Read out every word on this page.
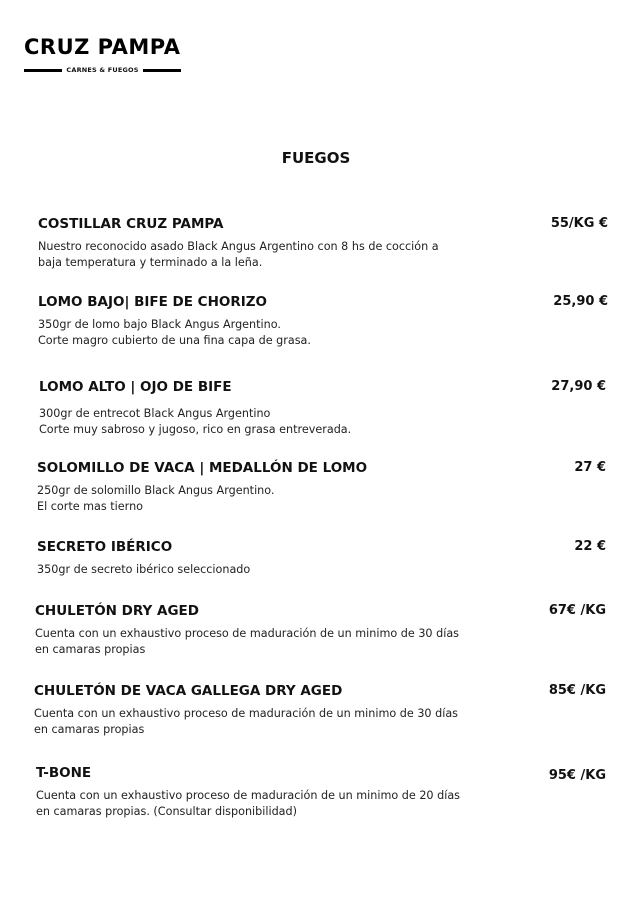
CRUZ PAMPA
CARNES & FUEGOS
FUEGOS
COSTILLAR CRUZ PAMPA	55/KG €
Nuestro reconocido asado Black Angus Argentino con 8 hs de cocción a
baja temperatura y terminado a la leña.
LOMO BAJO| BIFE DE CHORIZO	25,90 €
350gr de lomo bajo Black Angus Argentino.
Corte magro cubierto de una fina capa de grasa.
LOMO ALTO | OJO DE BIFE	27,90 €
300gr de entrecot Black Angus Argentino
Corte muy sabroso y jugoso, rico en grasa entreverada.
SOLOMILLO DE VACA | MEDALLÓN DE LOMO	27 €
250gr de solomillo Black Angus Argentino.
El corte mas tierno
SECRETO IBÉRICO	22 €
350gr de secreto ibérico seleccionado
CHULETÓN DRY AGED	67€ /KG
Cuenta con un exhaustivo proceso de maduración de un minimo de 30 días
en camaras propias
CHULETÓN DE VACA GALLEGA DRY AGED	85€ /KG
Cuenta con un exhaustivo proceso de maduración de un minimo de 30 días
en camaras propias
T-BONE	95€ /KG
Cuenta con un exhaustivo proceso de maduración de un minimo de 20 días
en camaras propias. (Consultar disponibilidad)
